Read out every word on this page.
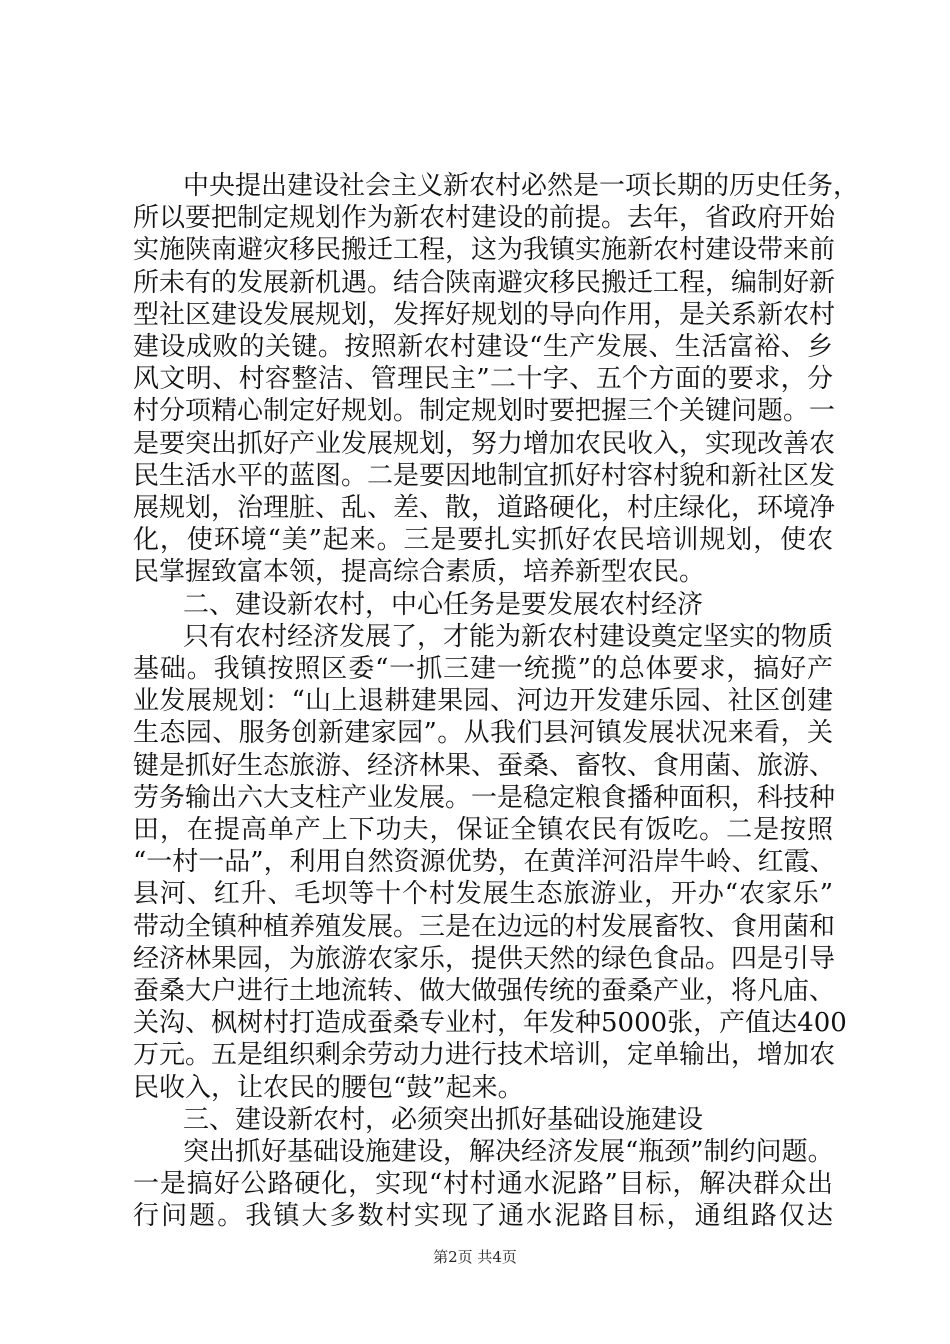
中央提出建设社会主义新农村必然是一项长期的历史任务，
所以要把制定规划作为新农村建设的前提。去年，省政府开始
实施陕南避灾移民搬迁工程，这为我镇实施新农村建设带来前
所未有的发展新机遇。结合陕南避灾移民搬迁工程，编制好新
型社区建设发展规划，发挥好规划的导向作用，是关系新农村
建设成败的关键。按照新农村建设“生产发展、生活富裕、乡
风文明、村容整洁、管理民主”二十字、五个方面的要求，分
村分项精心制定好规划。制定规划时要把握三个关键问题。一
是要突出抓好产业发展规划，努力增加农民收入，实现改善农
民生活水平的蓝图。二是要因地制宜抓好村容村貌和新社区发
展规划，治理脏、乱、差、散，道路硬化，村庄绿化，环境净
化，使环境“美”起来。三是要扎实抓好农民培训规划，使农
民掌握致富本领，提高综合素质，培养新型农民。
二、建设新农村，中心任务是要发展农村经济
只有农村经济发展了，才能为新农村建设奠定坚实的物质
基础。我镇按照区委“一抓三建一统揽”的总体要求，搞好产
业发展规划：“山上退耕建果园、河边开发建乐园、社区创建
生态园、服务创新建家园”。从我们县河镇发展状况来看，关
键是抓好生态旅游、经济林果、蚕桑、畜牧、食用菌、旅游、
劳务输出六大支柱产业发展。一是稳定粮食播种面积，科技种
田，在提高单产上下功夫，保证全镇农民有饭吃。二是按照
“一村一品”，利用自然资源优势，在黄洋河沿岸牛岭、红霞、
县河、红升、毛坝等十个村发展生态旅游业，开办“农家乐”
带动全镇种植养殖发展。三是在边远的村发展畜牧、食用菌和
经济林果园，为旅游农家乐，提供天然的绿色食品。四是引导
蚕桑大户进行土地流转、做大做强传统的蚕桑产业，将凡庙、
关沟、枫树村打造成蚕桑专业村，年发种5000张，产值达400
万元。五是组织剩余劳动力进行技术培训，定单输出，增加农
民收入，让农民的腰包“鼓”起来。
三、建设新农村，必须突出抓好基础设施建设
突出抓好基础设施建设，解决经济发展“瓶颈”制约问题。
一是搞好公路硬化，实现“村村通水泥路”目标，解决群众出
第2页 共4页
行问题。我镇大多数村实现了通水泥路目标，通组路仅达
